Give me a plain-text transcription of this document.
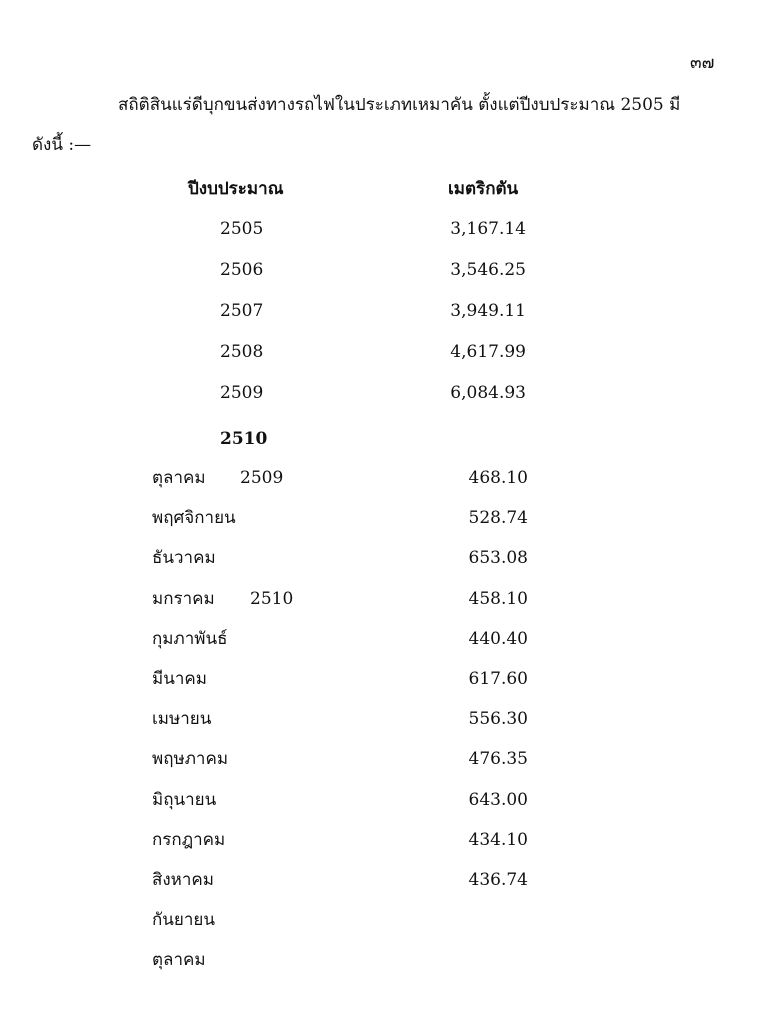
๓๗
สถิติสินแร่ดีบุกขนส่งทางรถไฟในประเภทเหมาคัน ตั้งแต่ปีงบประมาณ 2505 มี
ดังนี้ :—
ปีงบประมาณ	เมตริกตัน
2505	3,167.14
2506	3,546.25
2507	3,949.11
2508	4,617.99
2509	6,084.93
2510
ตุลาคม 2509	468.10
พฤศจิกายน	528.74
ธันวาคม	653.08
มกราคม 2510	458.10
กุมภาพันธ์	440.40
มีนาคม	617.60
เมษายน	556.30
พฤษภาคม	476.35
มิถุนายน	643.00
กรกฎาคม	434.10
สิงหาคม	436.74
กันยายน
ตุลาคม
